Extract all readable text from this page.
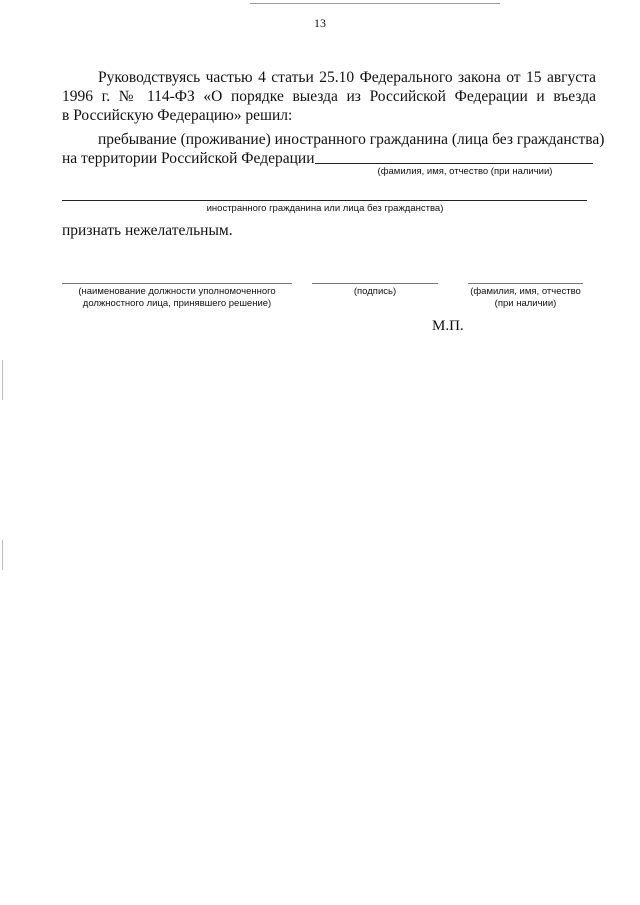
13
Руководствуясь частью 4 статьи 25.10 Федерального закона от 15 августа
1996 г. № 114-ФЗ «О порядке выезда из Российской Федерации и въезда
в Российскую Федерацию» решил:
пребывание (проживание) иностранного гражданина (лица без гражданства)
на территории Российской Федерации
(фамилия, имя, отчество (при наличии)
иностранного гражданина или лица без гражданства)
признать нежелательным.
(наименование должности уполномоченного
должностного лица, принявшего решение)
(подпись)	(фамилия, имя, отчество
(при наличии)
М.П.
